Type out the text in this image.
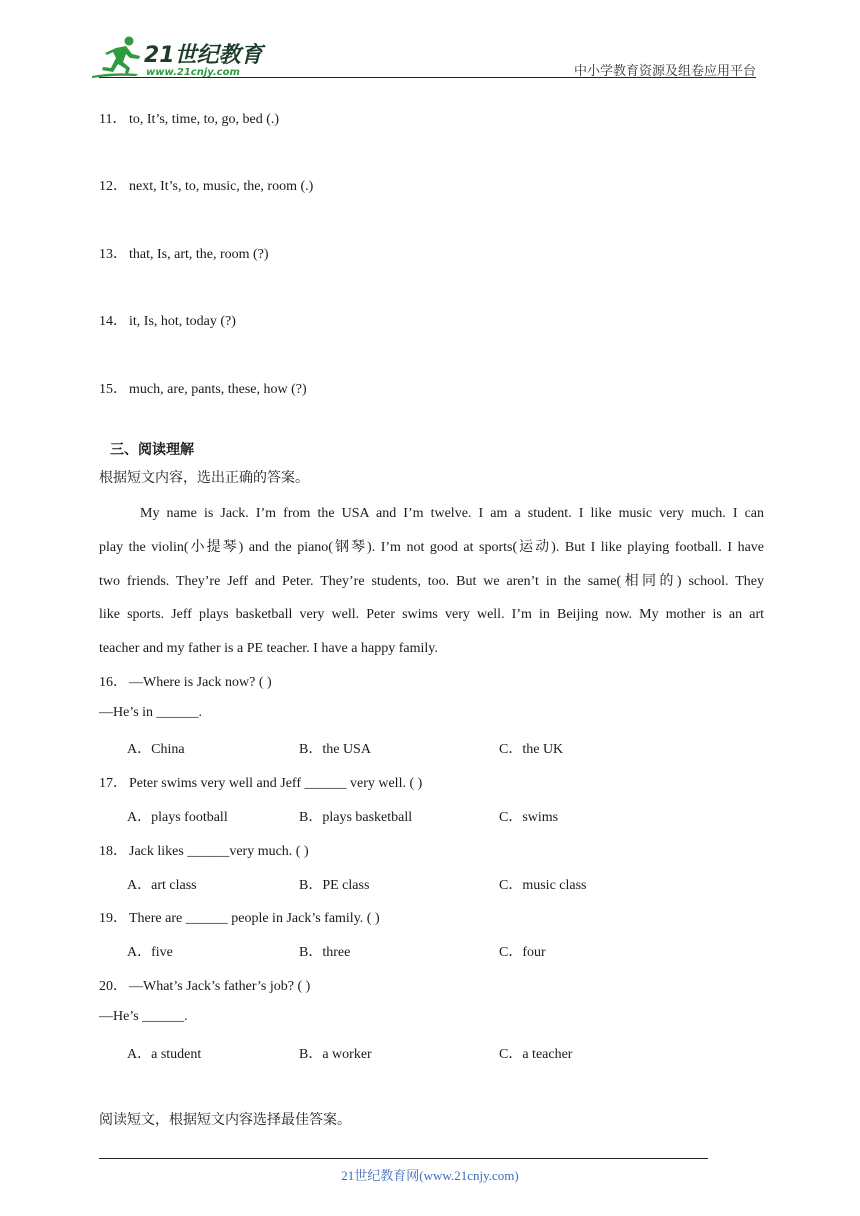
21世纪教育
www.21cnjy.com	中小学教育资源及组卷应用平台
11． to, It’s, time, to, go, bed (.)
12． next, It’s, to, music, the, room (.)
13． that, Is, art, the, room (?)
14． it, Is, hot, today (?)
15． much, are, pants, these, how (?)
三、阅读理解
根据短文内容，选出正确的答案。
My name is Jack. I’m from the USA and I’m twelve. I am a student. I like music very much. I can
play the violin(小提琴) and the piano(钢琴). I’m not good at sports(运动). But I like playing football. I have
two friends. They’re Jeff and Peter. They’re students, too. But we aren’t in the same(相同的) school. They
like sports. Jeff plays basketball very well. Peter swims very well. I’m in Beijing now. My mother is an art
teacher and my father is a PE teacher. I have a happy family.
16． —Where is Jack now? ( )
—He’s in ______.
A．China	B．the USA	C．the UK
17． Peter swims very well and Jeff ______ very well. ( )
A．plays football	B．plays basketball	C．swims
18． Jack likes ______very much. ( )
A．art class	B．PE class	C．music class
19． There are ______ people in Jack’s family. ( )
A．five	B．three	C．four
20． —What’s Jack’s father’s job? ( )
—He’s ______.
A．a student	B．a worker	C．a teacher
阅读短文，根据短文内容选择最佳答案。
21世纪教育网(www.21cnjy.com)
